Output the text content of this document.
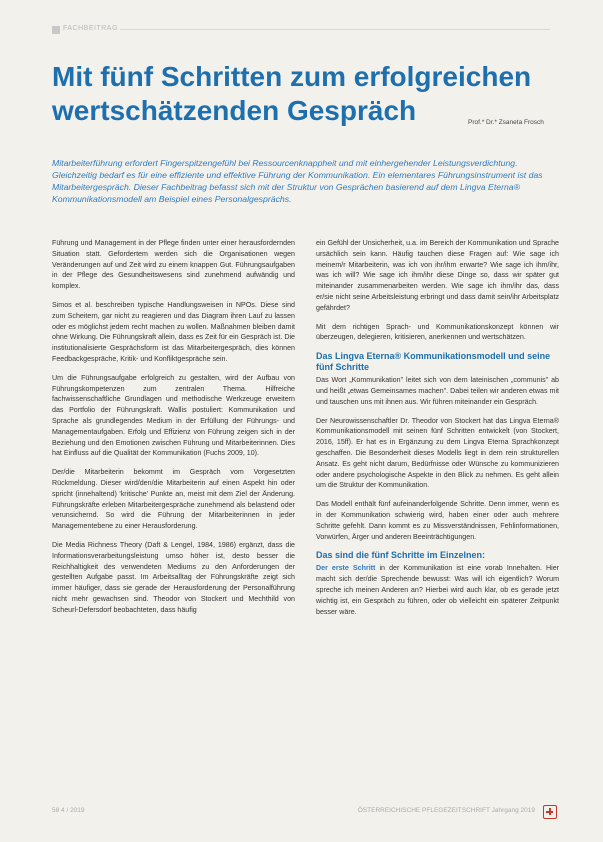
FACHBEITRAG
Mit fünf Schritten zum erfolgreichen wertschätzenden Gespräch	Prof.* Dr.* Zsaneta Frosch
Mitarbeiterführung erfordert Fingerspitzengefühl bei Ressourcenknappheit und mit einhergehender Leistungsverdichtung. Gleichzeitig bedarf es für eine effiziente und effektive Führung der Kommunikation. Ein elementares Führungsinstrument ist das Mitarbeitergespräch. Dieser Fachbeitrag befasst sich mit der Struktur von Gesprächen basierend auf dem Lingva Eterna® Kommunikationsmodell am Beispiel eines Personalgesprächs.

Führung und Management in der Pflege finden unter einer herausfordernden Situation statt. Gefordertem werden sich die Organisationen wegen Veränderungen auf und Zeit wird zu einem knappen Gut. Führungsaufgaben in der Pflege des Gesundheitswesens sind zunehmend aufwändig und komplex.

Simos et al. beschreiben typische Handlungsweisen in NPOs. Diese sind zum Scheitern, gar nicht zu reagieren und das Diagram ihren Lauf zu lassen oder es möglichst jedem recht machen zu wollen. Maßnahmen bleiben damit ohne Wirkung. Die Führungskraft allein, dass es Zeit für ein Gespräch ist. Die institutionalisierte Gesprächsform ist das Mitarbeitergespräch, dies können Feedbackgespräche, Kritik- und Konfliktgespräche sein.

Um die Führungsaufgabe erfolgreich zu gestalten, wird der Aufbau von Führungskompetenzen zum zentralen Thema. Hilfreiche fachwissenschaftliche Grundlagen und methodische Werkzeuge erweitern das Portfolio der Führungskraft. Wallis postuliert: Kommunikation und Sprache als grundlegendes Medium in der Erfüllung der Führungs- und Managementaufgaben. Erfolg und Effizienz von Führung zeigen sich in der Beziehung und den Emotionen zwischen Führung und Mitarbeiterinnen. Dies hat Einfluss auf die Qualität der Kommunikation (Fuchs 2009, 10).

Der/die Mitarbeiterin bekommt im Gespräch vom Vorgesetzten Rückmeldung. Dieser wird/den/die Mitarbeiterin auf einen Aspekt hin oder spricht (innehaltend) 'kritische' Punkte an, meist mit dem Ziel der Änderung. Führungskräfte erleben Mitarbeitergespräche zunehmend als belastend oder verunsichernd. So wird die Führung der Mitarbeiterinnen in jeder Managementebene zu einer Herausforderung.

Die Media Richness Theory (Daft & Lengel, 1984, 1986) ergänzt, dass die Informationsverarbeitungsleistung umso höher ist, desto besser die Reichhaltigkeit des verwendeten Mediums zu den Anforderungen der gestellten Aufgabe passt. Im Arbeitsalltag der Führungskräfte zeigt sich immer häufiger, dass sie gerade der Herausforderung der Personalführung nicht mehr gewachsen sind. Theodor von Stockert und Mechthild von Scheurl-Defersdorf beobachteten, dass häufig

ein Gefühl der Unsicherheit, u.a. im Bereich der Kommunikation und Sprache ursächlich sein kann. Häufig tauchen diese Fragen auf: Wie sage ich meinem/r Mitarbeiterin, was ich von ihr/ihm erwarte? Wie sage ich ihm/ihr, was ich will? Wie sage ich ihm/ihr diese Dinge so, dass wir später gut miteinander zusammenarbeiten werden. Wie sage ich ihm/ihr das, dass er/sie nicht seine Arbeitsleistung erbringt und dass damit sein/ihr Arbeitsplatz gefährdet?

Mit dem richtigen Sprach- und Kommunikationskonzept können wir überzeugen, delegieren, kritisieren, anerkennen und wertschätzen.

Das Lingva Eterna® Kommunikationsmodell und seine fünf Schritte

Das Wort „Kommunikation" leitet sich von dem lateinischen „communis" ab und heißt „etwas Gemeinsames machen". Dabei teilen wir anderen etwas mit und tauschen uns mit ihnen aus. Wir führen miteinander ein Gespräch.

Der Neurowissenschaftler Dr. Theodor von Stockert hat das Lingva Eterna® Kommunikationsmodell mit seinen fünf Schritten entwickelt (von Stockert, 2016, 15ff). Er hat es in Ergänzung zu dem Lingva Eterna Sprachkonzept geschaffen. Die Besonderheit dieses Modells liegt in dem rein strukturellen Ansatz. Es geht nicht darum, Bedürfnisse oder Wünsche zu kommunizieren oder andere psychologische Aspekte in den Blick zu nehmen. Es geht allein um die Struktur der Kommunikation.

Das Modell enthält fünf aufeinanderfolgende Schritte. Denn immer, wenn es in der Kommunikation schwierig wird, haben einer oder auch mehrere Schritte gefehlt. Dann kommt es zu Missverständnissen, Fehlinformationen, Vorwürfen, Ärger und anderen Beeinträchtigungen.

Das sind die fünf Schritte im Einzelnen:

Der erste Schritt in der Kommunikation ist eine vorab Innehalten. Hier macht sich der/die Sprechende bewusst: Was will ich eigentlich? Worum spreche ich meinen Anderen an? Hierbei wird auch klar, ob es gerade jetzt wichtig ist, ein Gespräch zu führen, oder ob vielleicht ein späterer Zeitpunkt besser wäre.

58 4 / 2019	ÖSTERREICHISCHE PFLEGEZEITSCHRIFT Jahrgang 2019
